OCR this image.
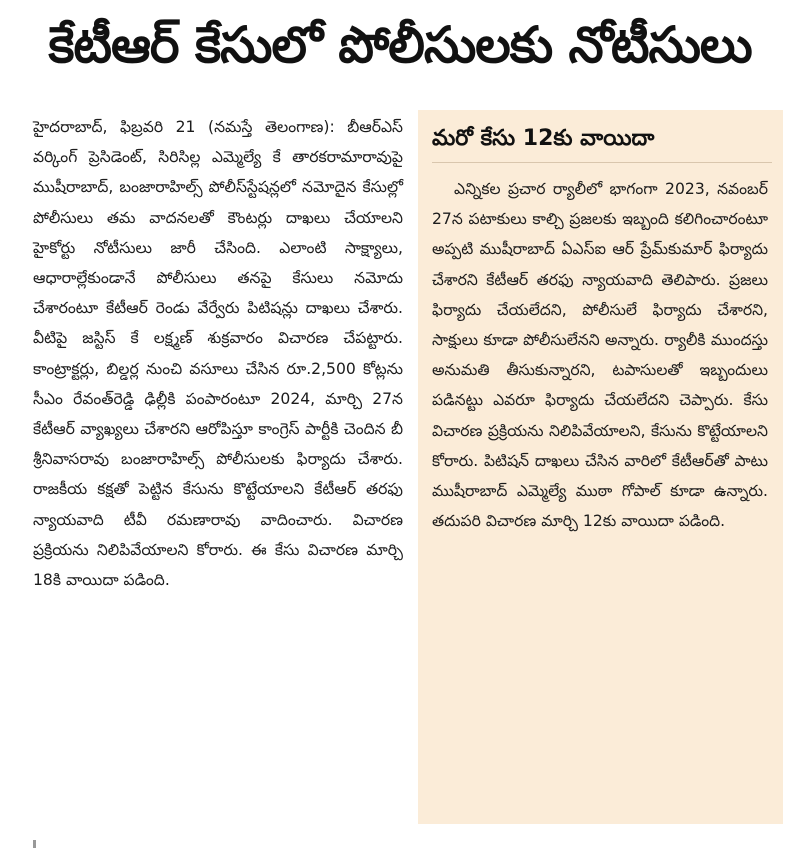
కేటీఆర్ కేసులో పోలీసులకు నోటీసులు

హైదరాబాద్, ఫిబ్రవరి 21 (నమస్తే తెలంగాణ): బీఆర్ఎస్ వర్కింగ్ ప్రెసిడెంట్, సిరిసిల్ల ఎమ్మెల్యే కే తారకరామారావుపై ముషీరాబాద్, బంజారాహిల్స్ పోలీస్‌స్టేషన్లలో నమోదైన కేసుల్లో పోలీసులు తమ వాదనలతో కౌంటర్లు దాఖలు చేయాలని హైకోర్టు నోటీసులు జారీ చేసింది. ఎలాంటి సాక్ష్యాలు, ఆధారాల్లేకుండానే పోలీసులు తనపై కేసులు నమోదు చేశారంటూ కేటీఆర్ రెండు వేర్వేరు పిటిషన్లు దాఖలు చేశారు. వీటిపై జస్టిస్ కే లక్ష్మణ్ శుక్రవారం విచారణ చేపట్టారు. కాంట్రాక్టర్లు, బిల్డర్ల నుంచి వసూలు చేసిన రూ.2,500 కోట్లను సీఎం రేవంత్‌రెడ్డి ఢిల్లీకి పంపారంటూ 2024, మార్చి 27న కేటీఆర్ వ్యాఖ్యలు చేశారని ఆరోపిస్తూ కాంగ్రెస్ పార్టీకి చెందిన బీ శ్రీనివాసరావు బంజారాహిల్స్ పోలీసులకు ఫిర్యాదు చేశారు. రాజకీయ కక్షతో పెట్టిన కేసును కొట్టేయాలని కేటీఆర్ తరఫు న్యాయవాది టీవీ రమణారావు వాదించారు. విచారణ ప్రక్రియను నిలిపివేయాలని కోరారు. ఈ కేసు విచారణ మార్చి 18కి వాయిదా పడింది.

మరో కేసు 12కు వాయిదా

ఎన్నికల ప్రచార ర్యాలీలో భాగంగా 2023, నవంబర్ 27న పటాకులు కాల్చి ప్రజలకు ఇబ్బంది కలిగించారంటూ అప్పటి ముషీరాబాద్ ఏఎస్‌ఐ ఆర్ ప్రేమ్‌కుమార్ ఫిర్యాదు చేశారని కేటీఆర్ తరఫు న్యాయవాది తెలిపారు. ప్రజలు ఫిర్యాదు చేయలేదని, పోలీసులే ఫిర్యాదు చేశారని, సాక్షులు కూడా పోలీసులేనని అన్నారు. ర్యాలీకి ముందస్తు అనుమతి తీసుకున్నారని, టపాసులతో ఇబ్బందులు పడినట్టు ఎవరూ ఫిర్యాదు చేయలేదని చెప్పారు. కేసు విచారణ ప్రక్రియను నిలిపివేయాలని, కేసును కొట్టేయాలని కోరారు. పిటిషన్ దాఖలు చేసిన వారిలో కేటీఆర్‌తో పాటు ముషీరాబాద్ ఎమ్మెల్యే ముఠా గోపాల్ కూడా ఉన్నారు. తదుపరి విచారణ మార్చి 12కు వాయిదా పడింది.
